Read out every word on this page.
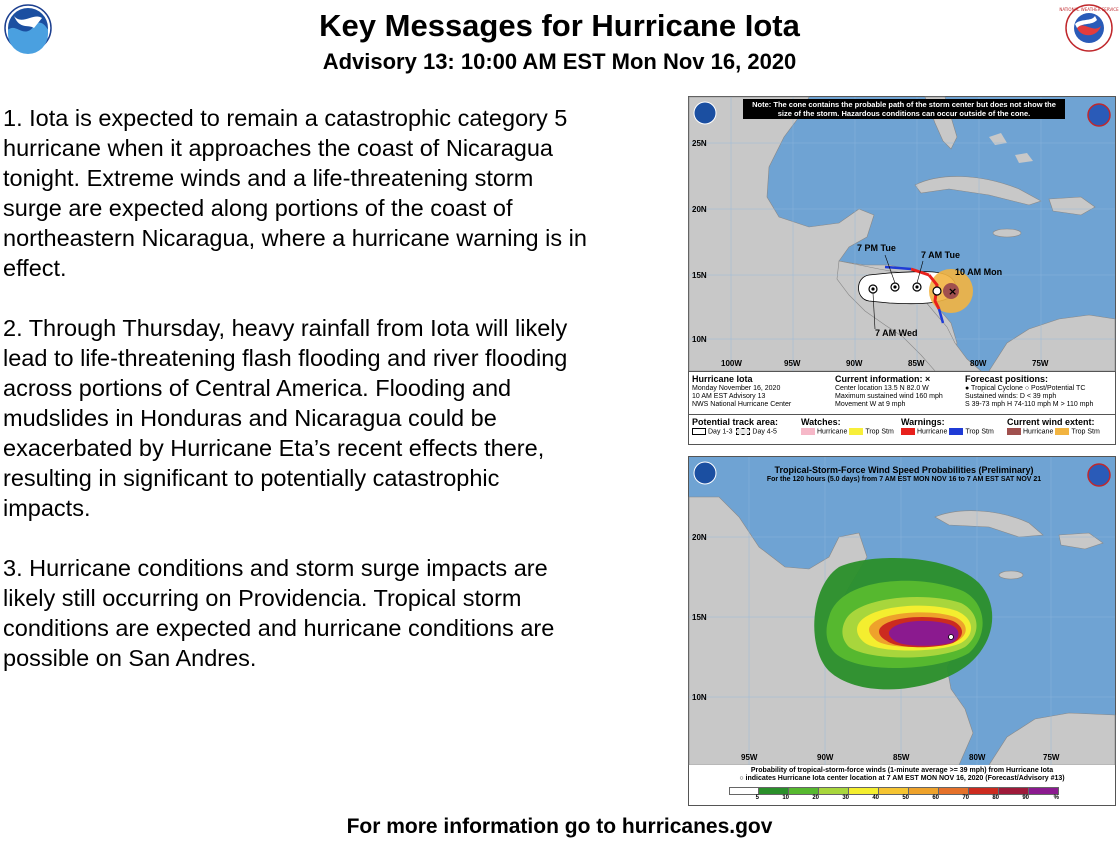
NATIONAL WEATHER SERVICE
Key Messages for Hurricane Iota
Advisory 13: 10:00 AM EST Mon Nov 16, 2020

1. Iota is expected to remain a catastrophic category 5 hurricane when it approaches the coast of Nicaragua tonight. Extreme winds and a life-threatening storm surge are expected along portions of the coast of northeastern Nicaragua, where a hurricane warning is in effect.

2. Through Thursday, heavy rainfall from Iota will likely lead to life-threatening flash flooding and river flooding across portions of Central America. Flooding and mudslides in Honduras and Nicaragua could be exacerbated by Hurricane Eta’s recent effects there, resulting in significant to potentially catastrophic impacts.

3. Hurricane conditions and storm surge impacts are likely still occurring on Providencia. Tropical storm conditions are expected and hurricane conditions are possible on San Andres.

×
Note: The cone contains the probable path of the storm center but does not show the size of the storm. Hazardous conditions can occur outside of the cone.
25N
20N
15N
10N
100W	95W	90W	85W	80W	75W
7 PM Tue
7 AM Tue
10 AM Mon
7 AM Wed
Hurricane Iota
Monday November 16, 2020
10 AM EST Advisory 13
NWS National Hurricane Center
Current information: ×
Center location 13.5 N 82.0 W
Maximum sustained wind 160 mph
Movement W at 9 mph
Forecast positions:
● Tropical Cyclone ○ Post/Potential TC
Sustained winds: D < 39 mph
S 39-73 mph H 74-110 mph M > 110 mph
Potential track area:
Day 1-3	Day 4-5
Watches:
Hurricane	Trop Stm
Warnings:
Hurricane	Trop Stm
Current wind extent:
Hurricane	Trop Stm
Tropical-Storm-Force Wind Speed Probabilities (Preliminary)
For the 120 hours (5.0 days) from 7 AM EST MON NOV 16 to 7 AM EST SAT NOV 21
20N
15N
10N
95W	90W	85W	80W	75W
Probability of tropical-storm-force winds (1-minute average >= 39 mph) from Hurricane Iota
○ indicates Hurricane Iota center location at 7 AM EST MON NOV 16, 2020 (Forecast/Advisory #13)
5	10	20	30	40	50	60	70	80	90	%
For more information go to hurricanes.gov
